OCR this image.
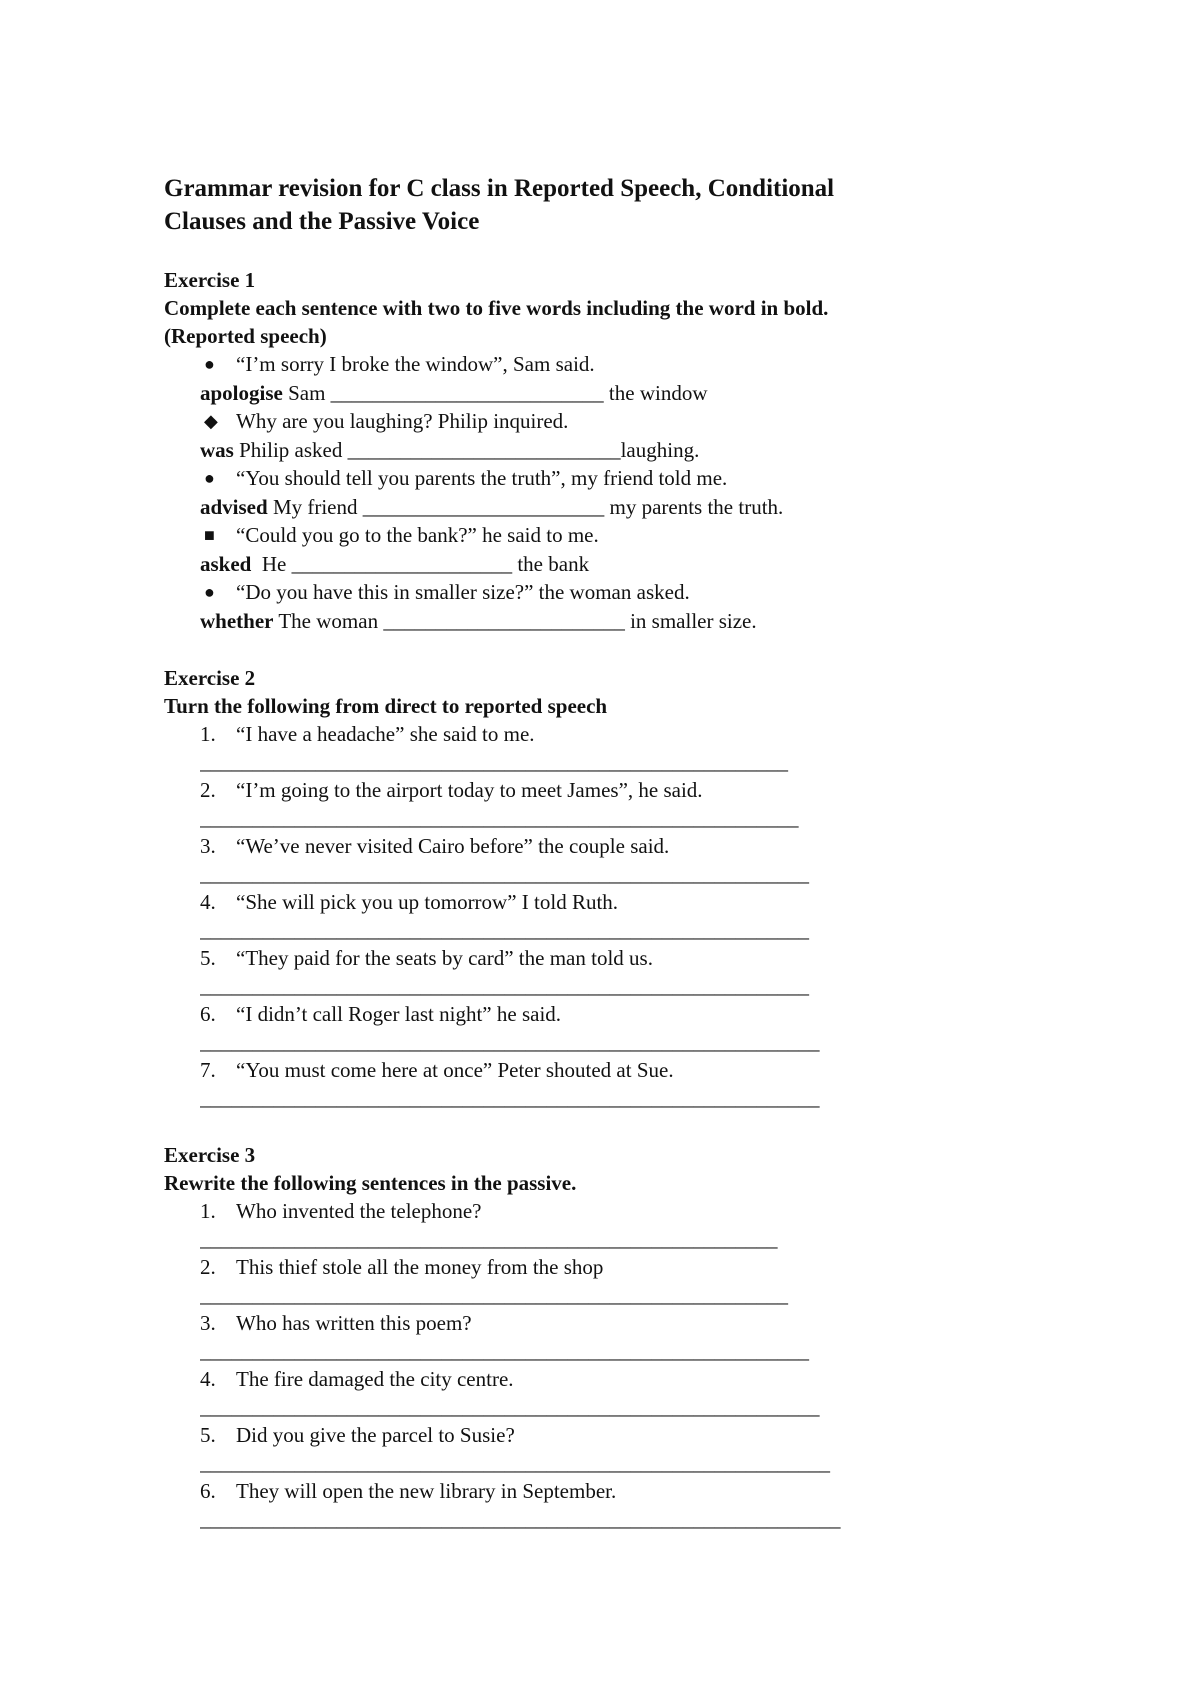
Grammar revision for C class in Reported Speech, Conditional

Clauses and the Passive Voice

Exercise 1

Complete each sentence with two to five words including the word in bold.

(Reported speech)

● “I’m sorry I broke the window”, Sam said.

apologise Sam __________________________ the window

◆ Why are you laughing? Philip inquired.

was Philip asked __________________________laughing.

● “You should tell you parents the truth”, my friend told me.

advised My friend _______________________ my parents the truth.

■ “Could you go to the bank?” he said to me.

asked  He _____________________ the bank

● “Do you have this in smaller size?” the woman asked.

whether The woman _______________________ in smaller size.

Exercise 2

Turn the following from direct to reported speech

1. “I have a headache” she said to me.

________________________________________________________

2. “I’m going to the airport today to meet James”, he said.

_________________________________________________________

3. “We’ve never visited Cairo before” the couple said.

__________________________________________________________

4. “She will pick you up tomorrow” I told Ruth.

__________________________________________________________

5. “They paid for the seats by card” the man told us.

__________________________________________________________

6. “I didn’t call Roger last night” he said.

___________________________________________________________

7. “You must come here at once” Peter shouted at Sue.

___________________________________________________________

Exercise 3

Rewrite the following sentences in the passive.

1. Who invented the telephone?

_______________________________________________________

2. This thief stole all the money from the shop

________________________________________________________

3. Who has written this poem?

__________________________________________________________

4. The fire damaged the city centre.

___________________________________________________________

5. Did you give the parcel to Susie?

____________________________________________________________

6. They will open the new library in September.

_____________________________________________________________
